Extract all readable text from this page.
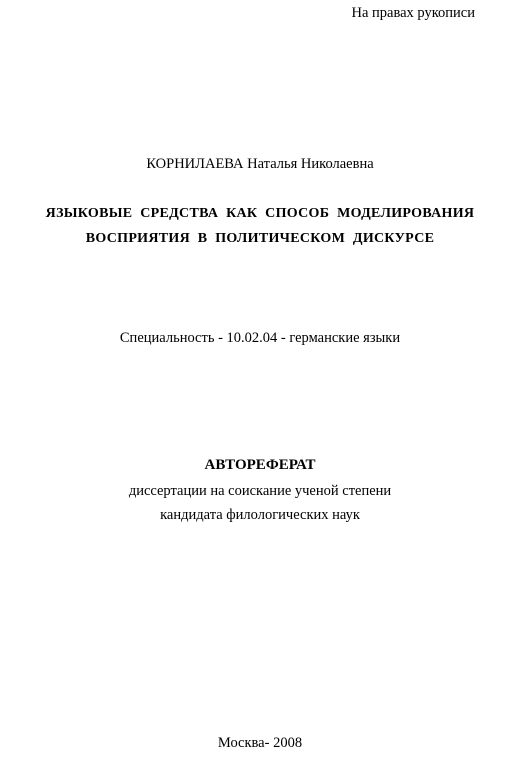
На правах рукописи
КОРНИЛАЕВА Наталья Николаевна
ЯЗЫКОВЫЕ СРЕДСТВА КАК СПОСОБ МОДЕЛИРОВАНИЯ
ВОСПРИЯТИЯ В ПОЛИТИЧЕСКОМ ДИСКУРСЕ
Специальность - 10.02.04 - германские языки
АВТОРЕФЕРАТ
диссертации на соискание ученой степени
кандидата филологических наук
Москва- 2008
